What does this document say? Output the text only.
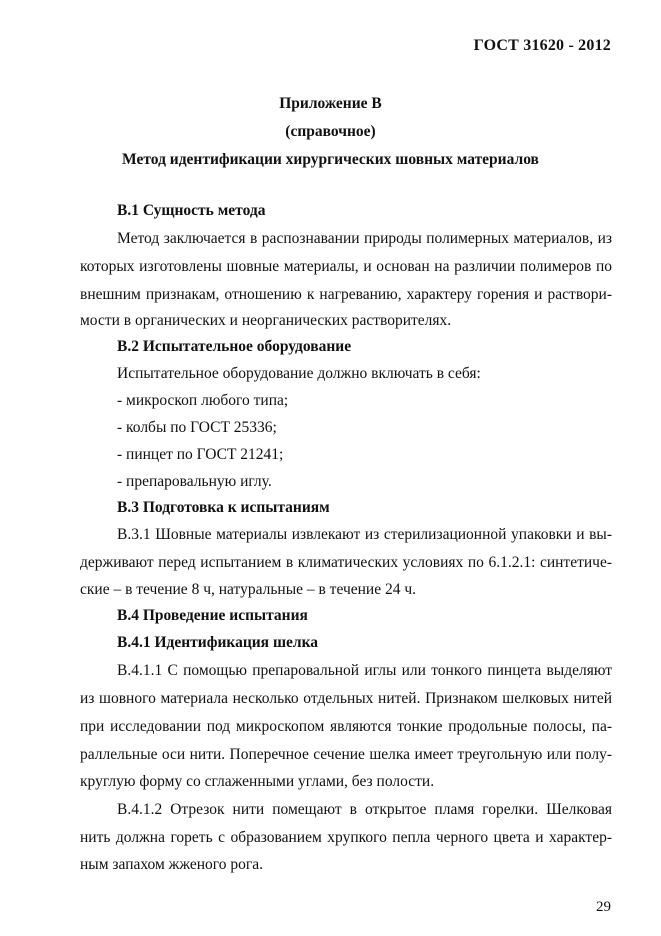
ГОСТ 31620 - 2012
Приложение В
(справочное)
Метод идентификации хирургических шовных материалов
В.1 Сущность метода
Метод заключается в распознавании природы полимерных материалов, из
которых изготовлены шовные материалы, и основан на различии полимеров по
внешним признакам, отношению к нагреванию, характеру горения и раствори-
мости в органических и неорганических растворителях.
В.2 Испытательное оборудование
Испытательное оборудование должно включать в себя:
- микроскоп любого типа;
- колбы по ГОСТ 25336;
- пинцет по ГОСТ 21241;
- препаровальную иглу.
В.3 Подготовка к испытаниям
В.3.1 Шовные материалы извлекают из стерилизационной упаковки и вы-
держивают перед испытанием в климатических условиях по 6.1.2.1: синтетиче-
ские – в течение 8 ч, натуральные – в течение 24 ч.
В.4 Проведение испытания
В.4.1 Идентификация шелка
В.4.1.1 С помощью препаровальной иглы или тонкого пинцета выделяют
из шовного материала несколько отдельных нитей. Признаком шелковых нитей
при исследовании под микроскопом являются тонкие продольные полосы, па-
раллельные оси нити. Поперечное сечение шелка имеет треугольную или полу-
круглую форму со сглаженными углами, без полости.
В.4.1.2 Отрезок нити помещают в открытое пламя горелки. Шелковая
нить должна гореть с образованием хрупкого пепла черного цвета и характер-
ным запахом жженого рога.
29
